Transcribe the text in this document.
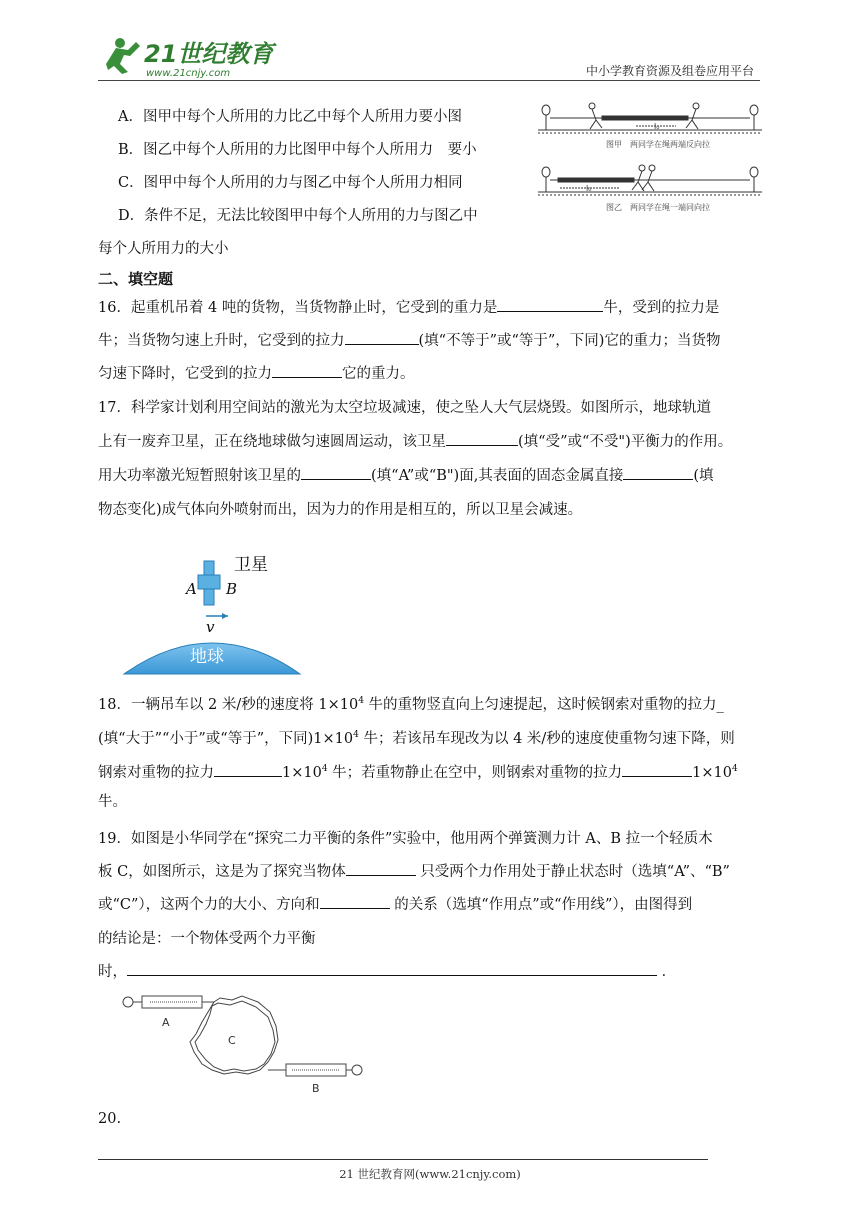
21世纪教育
www.21cnjy.com	中小学教育资源及组卷应用平台
A．图甲中每个人所用的力比乙中每个人所用力要小图
B．图乙中每个人所用的力比图甲中每个人所用力　要小
C．图甲中每个人所用的力与图乙中每个人所用力相同
D．条件不足，无法比较图甲中每个人所用的力与图乙中
每个人所用力的大小
l₀
l₀
图甲　两同学在绳两端反向拉
图乙　两同学在绳一端同向拉
二、填空题
16．起重机吊着 4 吨的货物，当货物静止时，它受到的重力是	牛，受到的拉力是
牛；当货物匀速上升时，它受到的拉力	(填“不等于”或“等于”，下同)它的重力；当货物
匀速下降时，它受到的拉力	它的重力。
17．科学家计划利用空间站的激光为太空垃圾减速，使之坠人大气层烧毁。如图所示，地球轨道
上有一废弃卫星，正在绕地球做匀速圆周运动，该卫星	(填“受”或“不受")平衡力的作用。
用大功率激光短暂照射该卫星的	(填“A”或“B")面,其表面的固态金属直接	(填
物态变化)成气体向外喷射而出，因为力的作用是相互的，所以卫星会减速。
卫星
A B
v
地球
18．一辆吊车以 2 米/秒的速度将 $1\times 10^4$ 牛的重物竖直向上匀速提起，这时候钢索对重物的拉力_
(填“大于”“小于”或“等于”，下同)$1\times 10^4$ 牛；若该吊车现改为以 4 米/秒的速度使重物匀速下降，则
钢索对重物的拉力	$1\times 10^4$ 牛；若重物静止在空中，则钢索对重物的拉力	$1\times 10^4$
牛。
19．如图是小华同学在“探究二力平衡的条件”实验中，他用两个弹簧测力计 A、B 拉一个轻质木
板 C，如图所示，这是为了探究当物体	只受两个力作用处于静止状态时（选填“A”、“B”
或“C”），这两个力的大小、方向和	的关系（选填“作用点”或“作用线”），由图得到
的结论是：一个物体受两个力平衡
时，	．
A
C
B
20.
21 世纪教育网(www.21cnjy.com)
